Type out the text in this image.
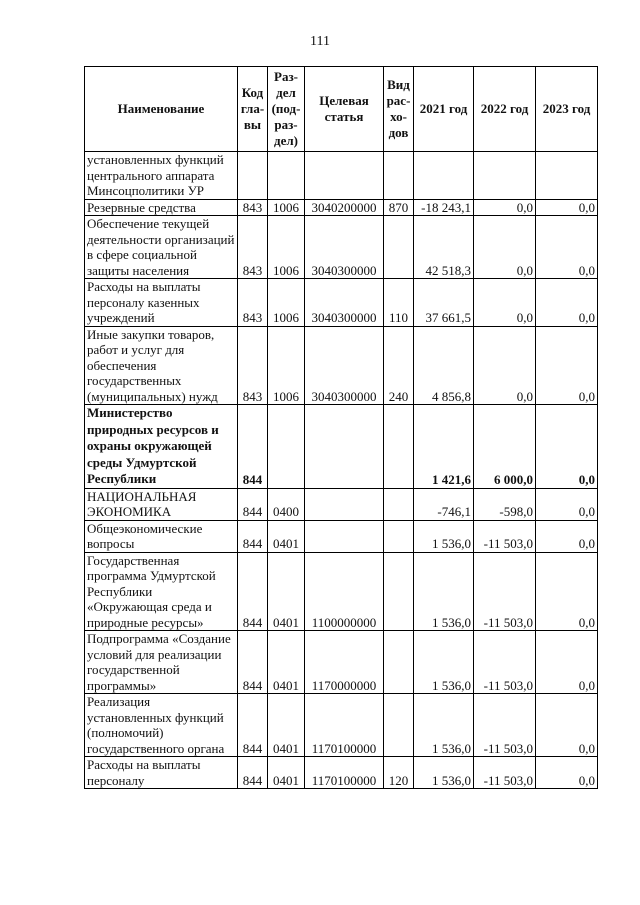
111
Наименование	Код гла- вы	Раз- дел (под- раз- дел)	Целевая статья	Вид рас- хо- дов	2021 год	2022 год	2023 год
установленных функций центрального аппарата Минсоцполитики УР							
Резервные средства	843	1006	3040200000	870	-18 243,1	0,0	0,0
Обеспечение текущей деятельности организаций в сфере социальной защиты населения	843	1006	3040300000		42 518,3	0,0	0,0
Расходы на выплаты персоналу казенных учреждений	843	1006	3040300000	110	37 661,5	0,0	0,0
Иные закупки товаров, работ и услуг для обеспечения государственных (муниципальных) нужд	843	1006	3040300000	240	4 856,8	0,0	0,0
Министерство природных ресурсов и охраны окружающей среды Удмуртской Республики	844				1 421,6	6 000,0	0,0
НАЦИОНАЛЬНАЯ ЭКОНОМИКА	844	0400			-746,1	-598,0	0,0
Общеэкономические вопросы	844	0401			1 536,0	-11 503,0	0,0
Государственная программа Удмуртской Республики «Окружающая среда и природные ресурсы»	844	0401	1100000000		1 536,0	-11 503,0	0,0
Подпрограмма «Создание условий для реализации государственной программы»	844	0401	1170000000		1 536,0	-11 503,0	0,0
Реализация установленных функций (полномочий) государственного органа	844	0401	1170100000		1 536,0	-11 503,0	0,0
Расходы на выплаты персоналу	844	0401	1170100000	120	1 536,0	-11 503,0	0,0
